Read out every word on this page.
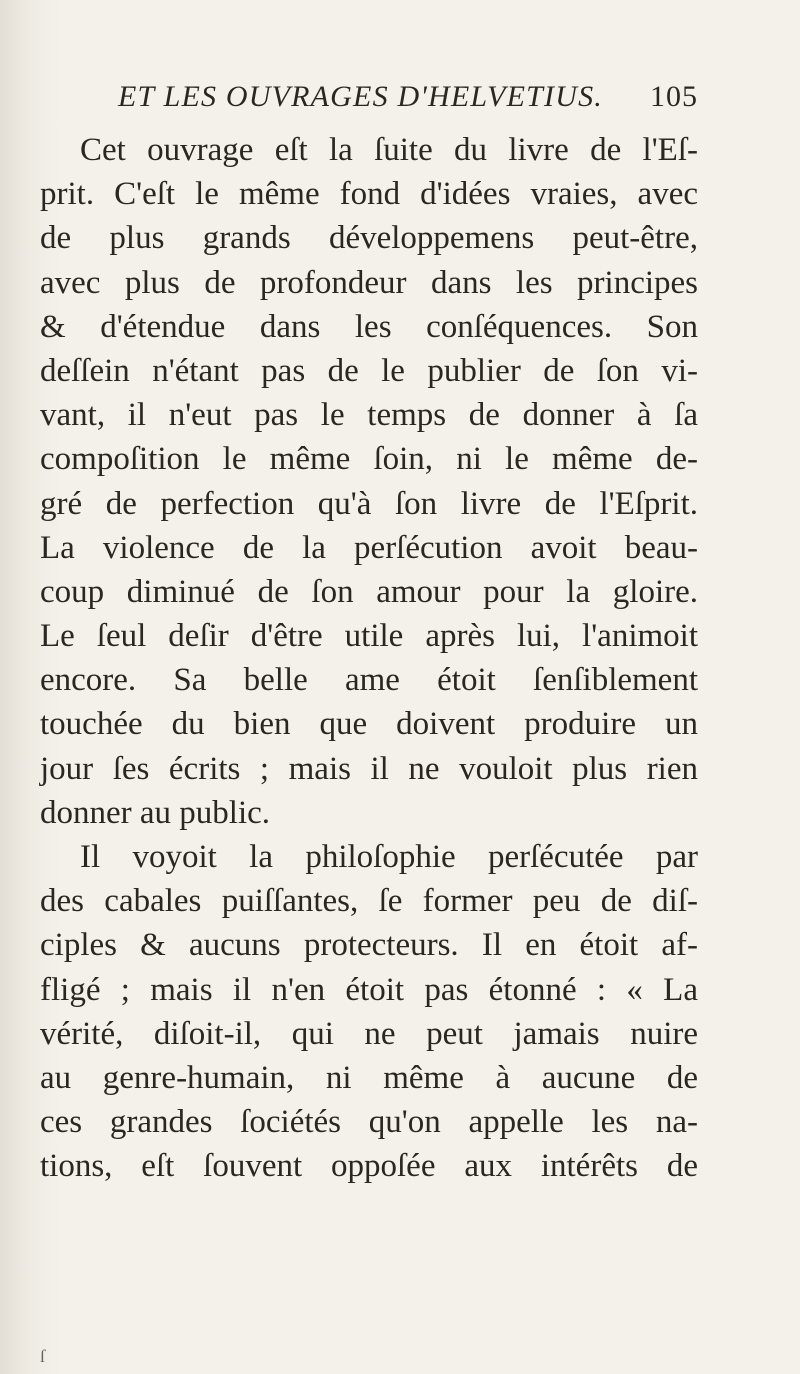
ET LES OUVRAGES D'HELVETIUS. 105
Cet ouvrage eſt la ſuite du livre de l'Eſ-
prit. C'eſt le même fond d'idées vraies, avec
de plus grands développemens peut-être,
avec plus de profondeur dans les principes
& d'étendue dans les conſéquences. Son
deſſein n'étant pas de le publier de ſon vi-
vant, il n'eut pas le temps de donner à ſa
compoſition le même ſoin, ni le même de-
gré de perfection qu'à ſon livre de l'Eſprit.
La violence de la perſécution avoit beau-
coup diminué de ſon amour pour la gloire.
Le ſeul deſir d'être utile après lui, l'animoit
encore. Sa belle ame étoit ſenſiblement
touchée du bien que doivent produire un
jour ſes écrits ; mais il ne vouloit plus rien
donner au public.
Il voyoit la philoſophie perſécutée par
des cabales puiſſantes, ſe former peu de diſ-
ciples & aucuns protecteurs. Il en étoit af-
fligé ; mais il n'en étoit pas étonné : « La
vérité, diſoit-il, qui ne peut jamais nuire
au genre-humain, ni même à aucune de
ces grandes ſociétés qu'on appelle les na-
tions, eſt ſouvent oppoſée aux intérêts de
ſ
